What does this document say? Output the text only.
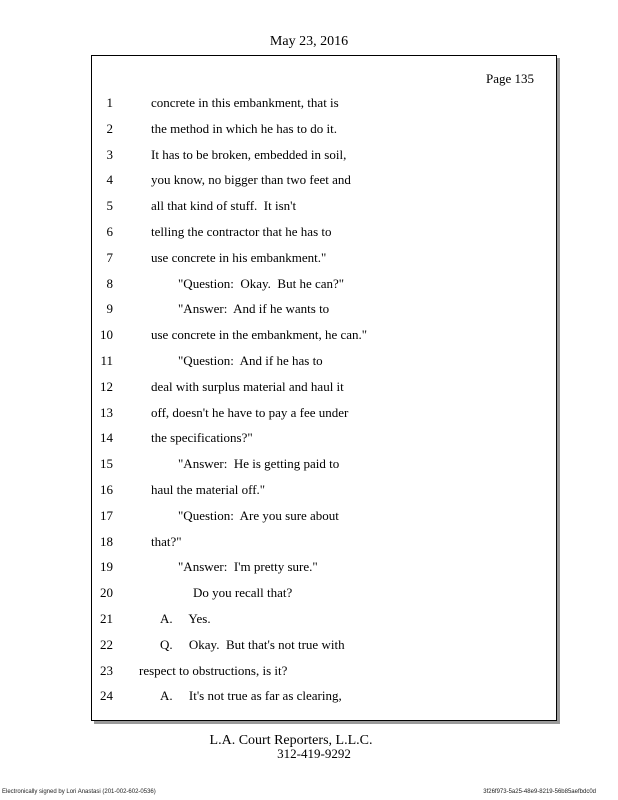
May 23, 2016
Page 135
1	concrete in this embankment, that is
2	the method in which he has to do it.
3	It has to be broken, embedded in soil,
4	you know, no bigger than two feet and
5	all that kind of stuff.  It isn't
6	telling the contractor that he has to
7	use concrete in his embankment."
8	"Question:  Okay.  But he can?"
9	"Answer:  And if he wants to
10	use concrete in the embankment, he can."
11	"Question:  And if he has to
12	deal with surplus material and haul it
13	off, doesn't he have to pay a fee under
14	the specifications?"
15	"Answer:  He is getting paid to
16	haul the material off."
17	"Question:  Are you sure about
18	that?"
19	"Answer:  I'm pretty sure."
20	Do you recall that?
21	A.     Yes.
22	Q.     Okay.  But that's not true with
23 respect to obstructions, is it?
24	A.     It's not true as far as clearing,
L.A. Court Reporters, L.L.C.
312-419-9292
Electronically signed by Lori Anastasi (201-002-602-0536)	3f26f973-5a25-48e9-8219-56b85aefbdc0d
